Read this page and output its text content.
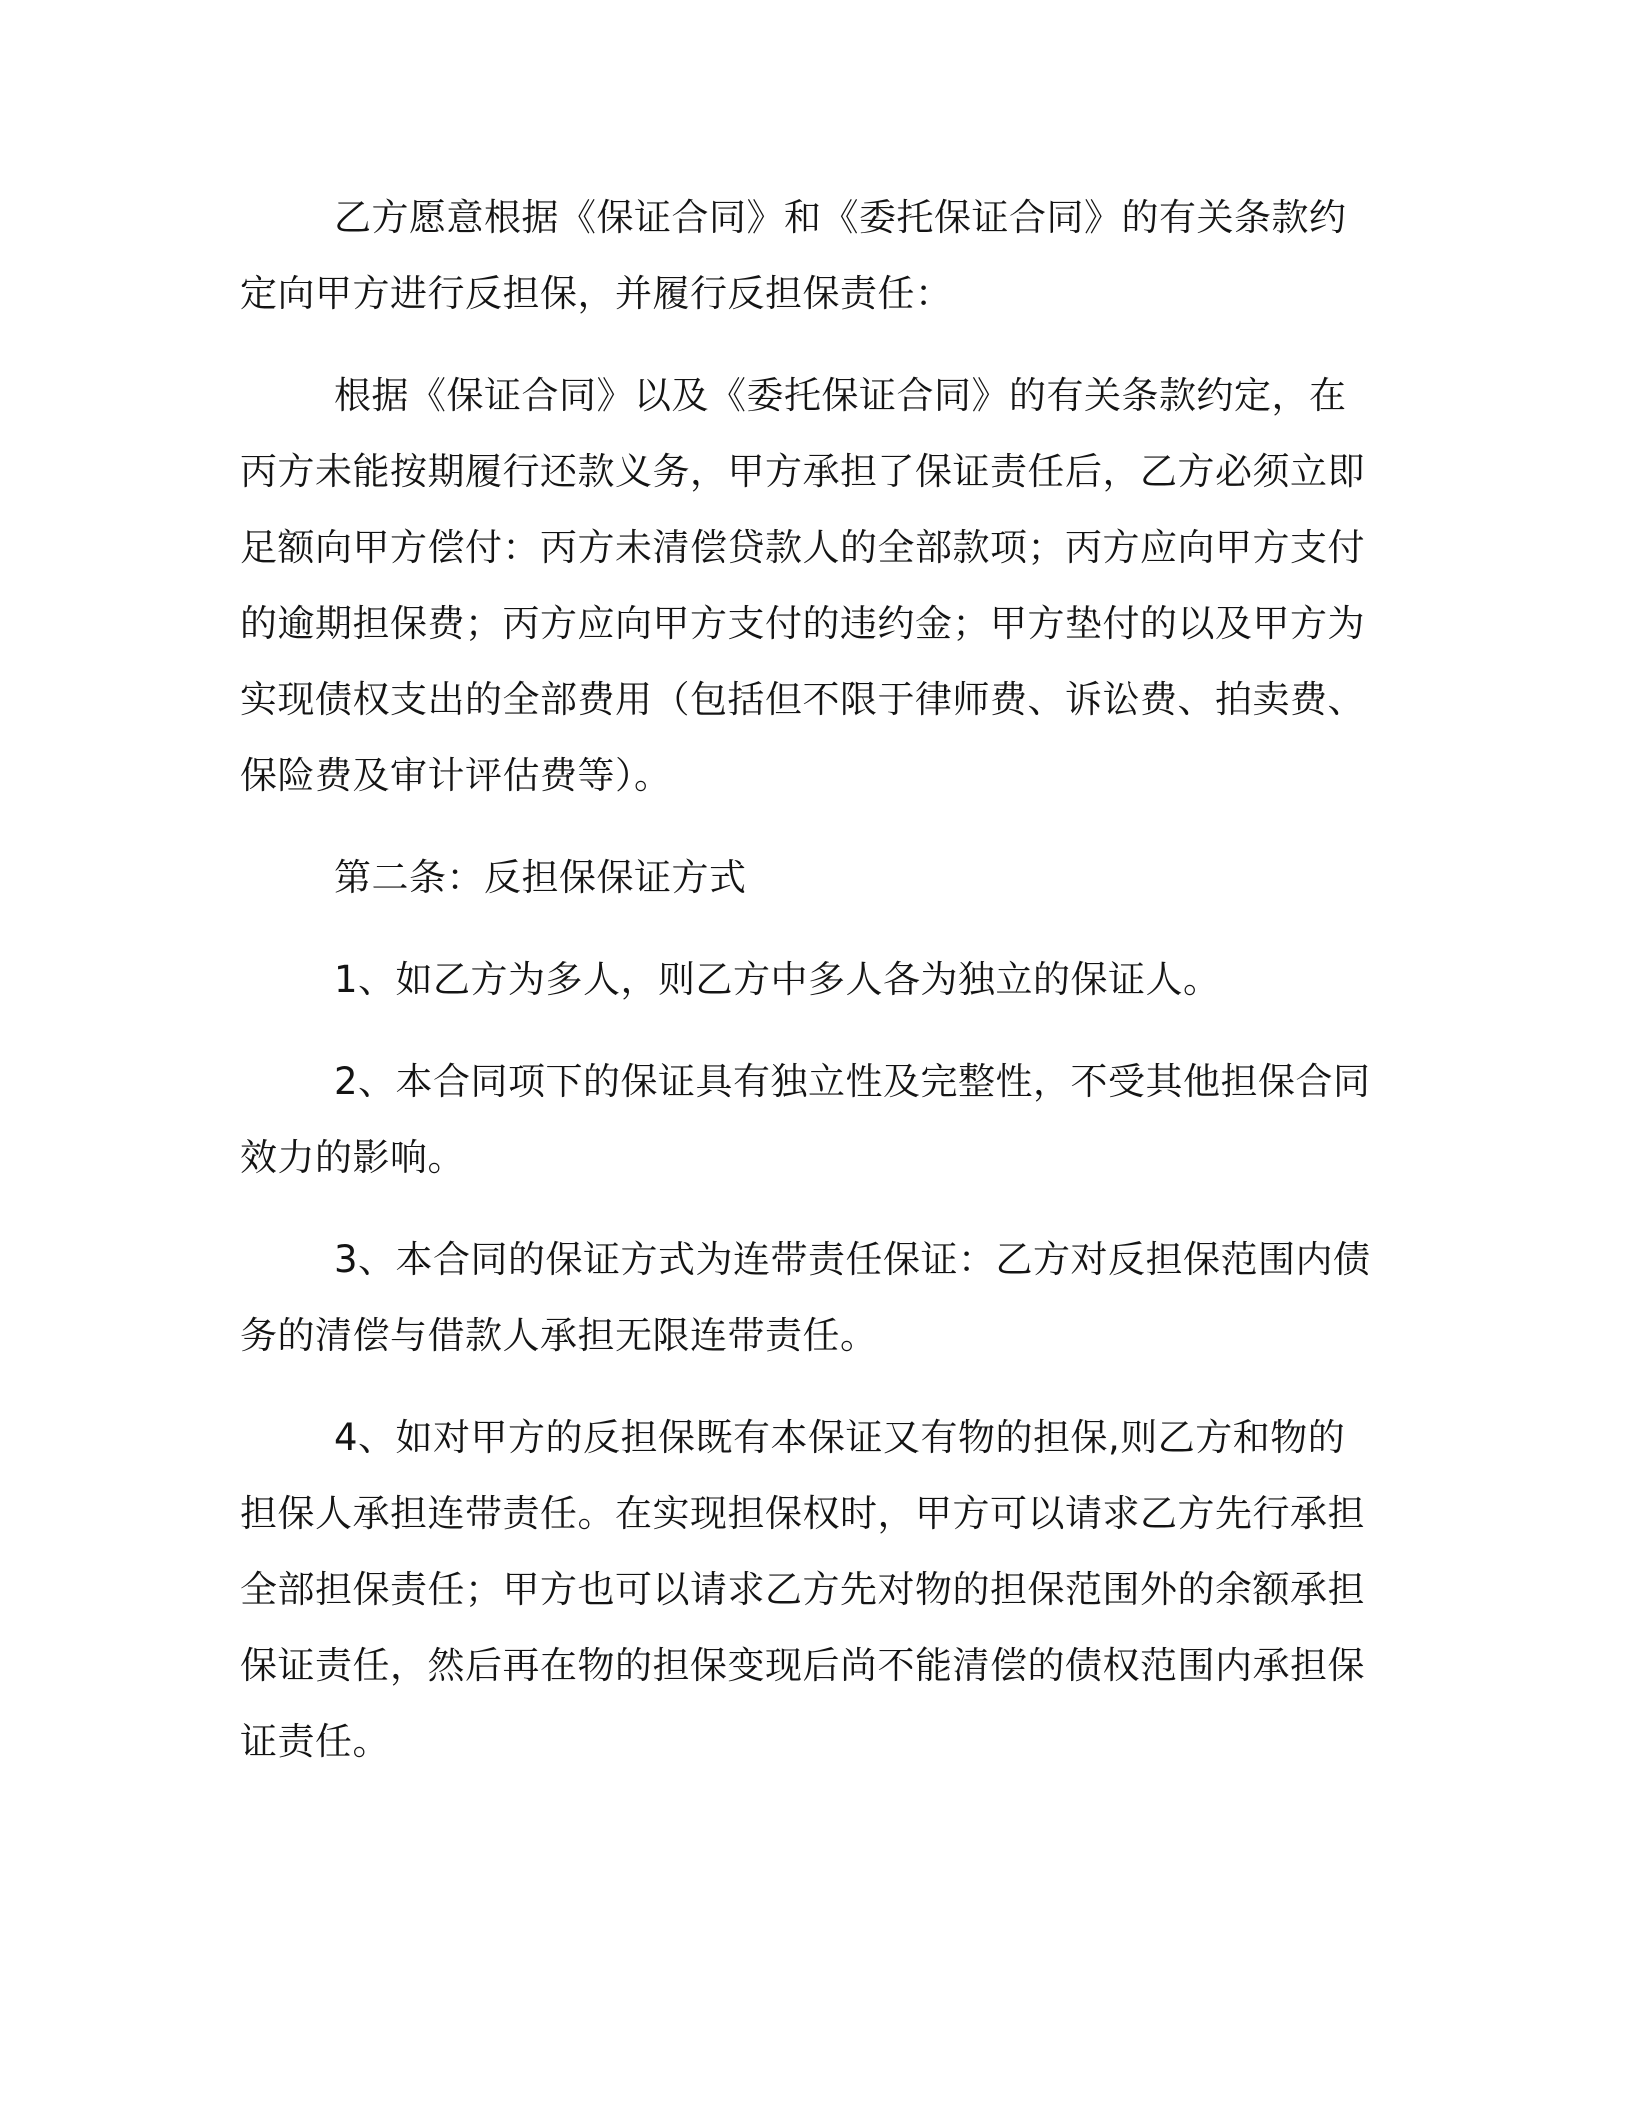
乙方愿意根据《保证合同》和《委托保证合同》的有关条款约定向甲方进行反担保，并履行反担保责任：

根据《保证合同》以及《委托保证合同》的有关条款约定，在丙方未能按期履行还款义务，甲方承担了保证责任后，乙方必须立即足额向甲方偿付：丙方未清偿贷款人的全部款项；丙方应向甲方支付的逾期担保费；丙方应向甲方支付的违约金；甲方垫付的以及甲方为实现债权支出的全部费用（包括但不限于律师费、诉讼费、拍卖费、保险费及审计评估费等）。

第二条：反担保保证方式

1、如乙方为多人，则乙方中多人各为独立的保证人。

2、本合同项下的保证具有独立性及完整性，不受其他担保合同效力的影响。

3、本合同的保证方式为连带责任保证：乙方对反担保范围内债务的清偿与借款人承担无限连带责任。

4、如对甲方的反担保既有本保证又有物的担保,则乙方和物的担保人承担连带责任。在实现担保权时，甲方可以请求乙方先行承担全部担保责任；甲方也可以请求乙方先对物的担保范围外的余额承担保证责任，然后再在物的担保变现后尚不能清偿的债权范围内承担保证责任。
